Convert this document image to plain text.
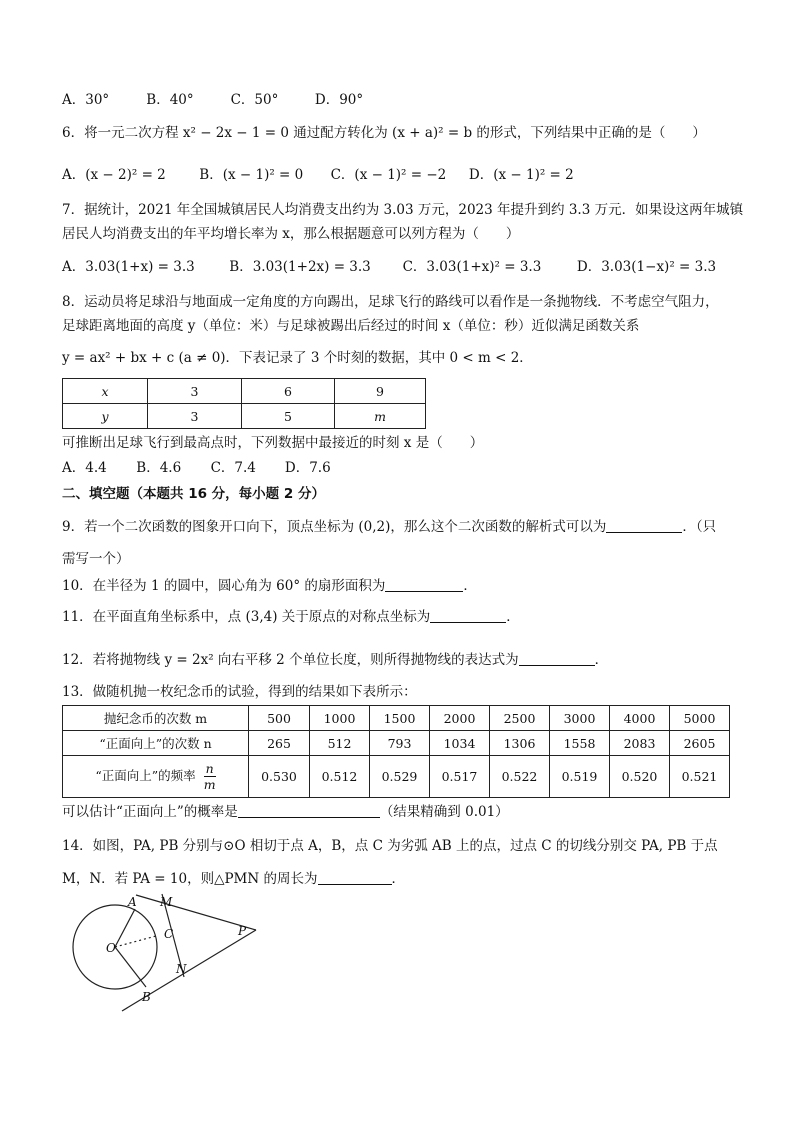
A．30°	B．40°	C．50°	D．90°
6．将一元二次方程 x² − 2x − 1 = 0 通过配方转化为 (x + a)² = b 的形式，下列结果中正确的是（　　）
A．(x − 2)² = 2 B．(x − 1)² = 0 C．(x − 1)² = −2 D．(x − 1)² = 2
7．据统计，2021 年全国城镇居民人均消费支出约为 3.03 万元，2023 年提升到约 3.3 万元．如果设这两年城镇
居民人均消费支出的年平均增长率为 x，那么根据题意可以列方程为（　　）
A．3.03(1+x) = 3.3	B．3.03(1+2x) = 3.3 C．3.03(1+x)² = 3.3	D．3.03(1−x)² = 3.3
8．运动员将足球沿与地面成一定角度的方向踢出，足球飞行的路线可以看作是一条抛物线．不考虑空气阻力，
足球距离地面的高度 y（单位：米）与足球被踢出后经过的时间 x（单位：秒）近似满足函数关系
y = ax² + bx + c (a ≠ 0)．下表记录了 3 个时刻的数据，其中 0 < m < 2．
x	3	6	9
y	3	5	m
可推断出足球飞行到最高点时，下列数据中最接近的时刻 x 是（　　）
A．4.4 B．4.6 C．7.4 D．7.6
二、填空题（本题共 16 分，每小题 2 分）
9．若一个二次函数的图象开口向下，顶点坐标为 (0,2)，那么这个二次函数的解析式可以为	．（只
需写一个）
10．在半径为 1 的圆中，圆心角为 60° 的扇形面积为	．
11．在平面直角坐标系中，点 (3,4) 关于原点的对称点坐标为	．
12．若将抛物线 y = 2x² 向右平移 2 个单位长度，则所得抛物线的表达式为	．
13．做随机抛一枚纪念币的试验，得到的结果如下表所示：
抛纪念币的次数 m	500	1000	1500	2000	2500	3000	4000	5000
“正面向上”的次数 n	265	512	793	1034	1306	1558	2083	2605
“正面向上”的频率 $\frac{n}{m}$	0.530	0.512	0.529	0.517	0.522	0.519	0.520	0.521
可以估计“正面向上”的概率是	（结果精确到 0.01）
14．如图，PA, PB 分别与⊙O 相切于点 A，B，点 C 为劣弧 AB 上的点，过点 C 的切线分别交 PA, PB 于点
M，N．若 PA = 10，则△PMN 的周长为	．
A M
O
C	P
N
B
